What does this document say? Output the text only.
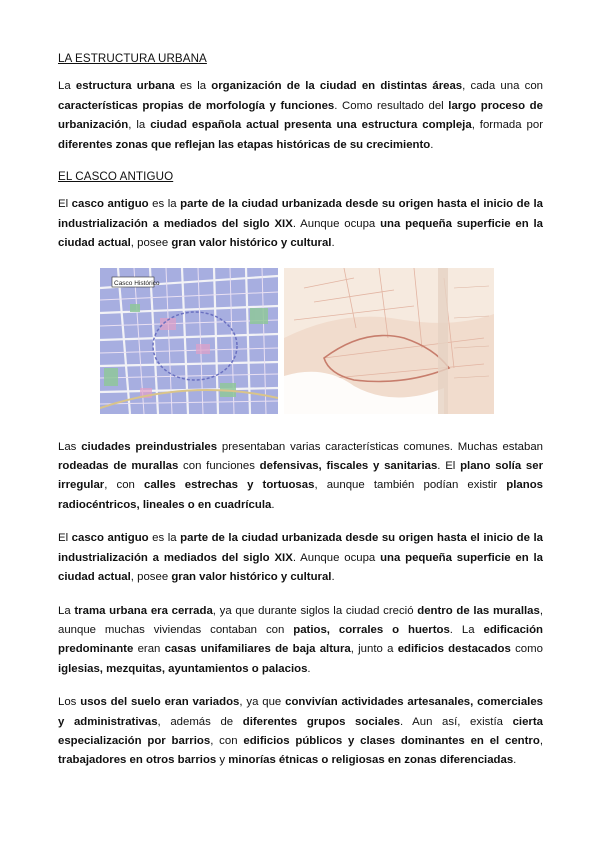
LA ESTRUCTURA URBANA

La estructura urbana es la organización de la ciudad en distintas áreas, cada una con características propias de morfología y funciones. Como resultado del largo proceso de urbanización, la ciudad española actual presenta una estructura compleja, formada por diferentes zonas que reflejan las etapas históricas de su crecimiento.

EL CASCO ANTIGUO

El casco antiguo es la parte de la ciudad urbanizada desde su origen hasta el inicio de la industrialización a mediados del siglo XIX. Aunque ocupa una pequeña superficie en la ciudad actual, posee gran valor histórico y cultural.

Casco Histórico

Las ciudades preindustriales presentaban varias características comunes. Muchas estaban rodeadas de murallas con funciones defensivas, fiscales y sanitarias. El plano solía ser irregular, con calles estrechas y tortuosas, aunque también podían existir planos radiocéntricos, lineales o en cuadrícula.

El casco antiguo es la parte de la ciudad urbanizada desde su origen hasta el inicio de la industrialización a mediados del siglo XIX. Aunque ocupa una pequeña superficie en la ciudad actual, posee gran valor histórico y cultural.

La trama urbana era cerrada, ya que durante siglos la ciudad creció dentro de las murallas, aunque muchas viviendas contaban con patios, corrales o huertos. La edificación predominante eran casas unifamiliares de baja altura, junto a edificios destacados como iglesias, mezquitas, ayuntamientos o palacios.

Los usos del suelo eran variados, ya que convivían actividades artesanales, comerciales y administrativas, además de diferentes grupos sociales. Aun así, existía cierta especialización por barrios, con edificios públicos y clases dominantes en el centro, trabajadores en otros barrios y minorías étnicas o religiosas en zonas diferenciadas.
